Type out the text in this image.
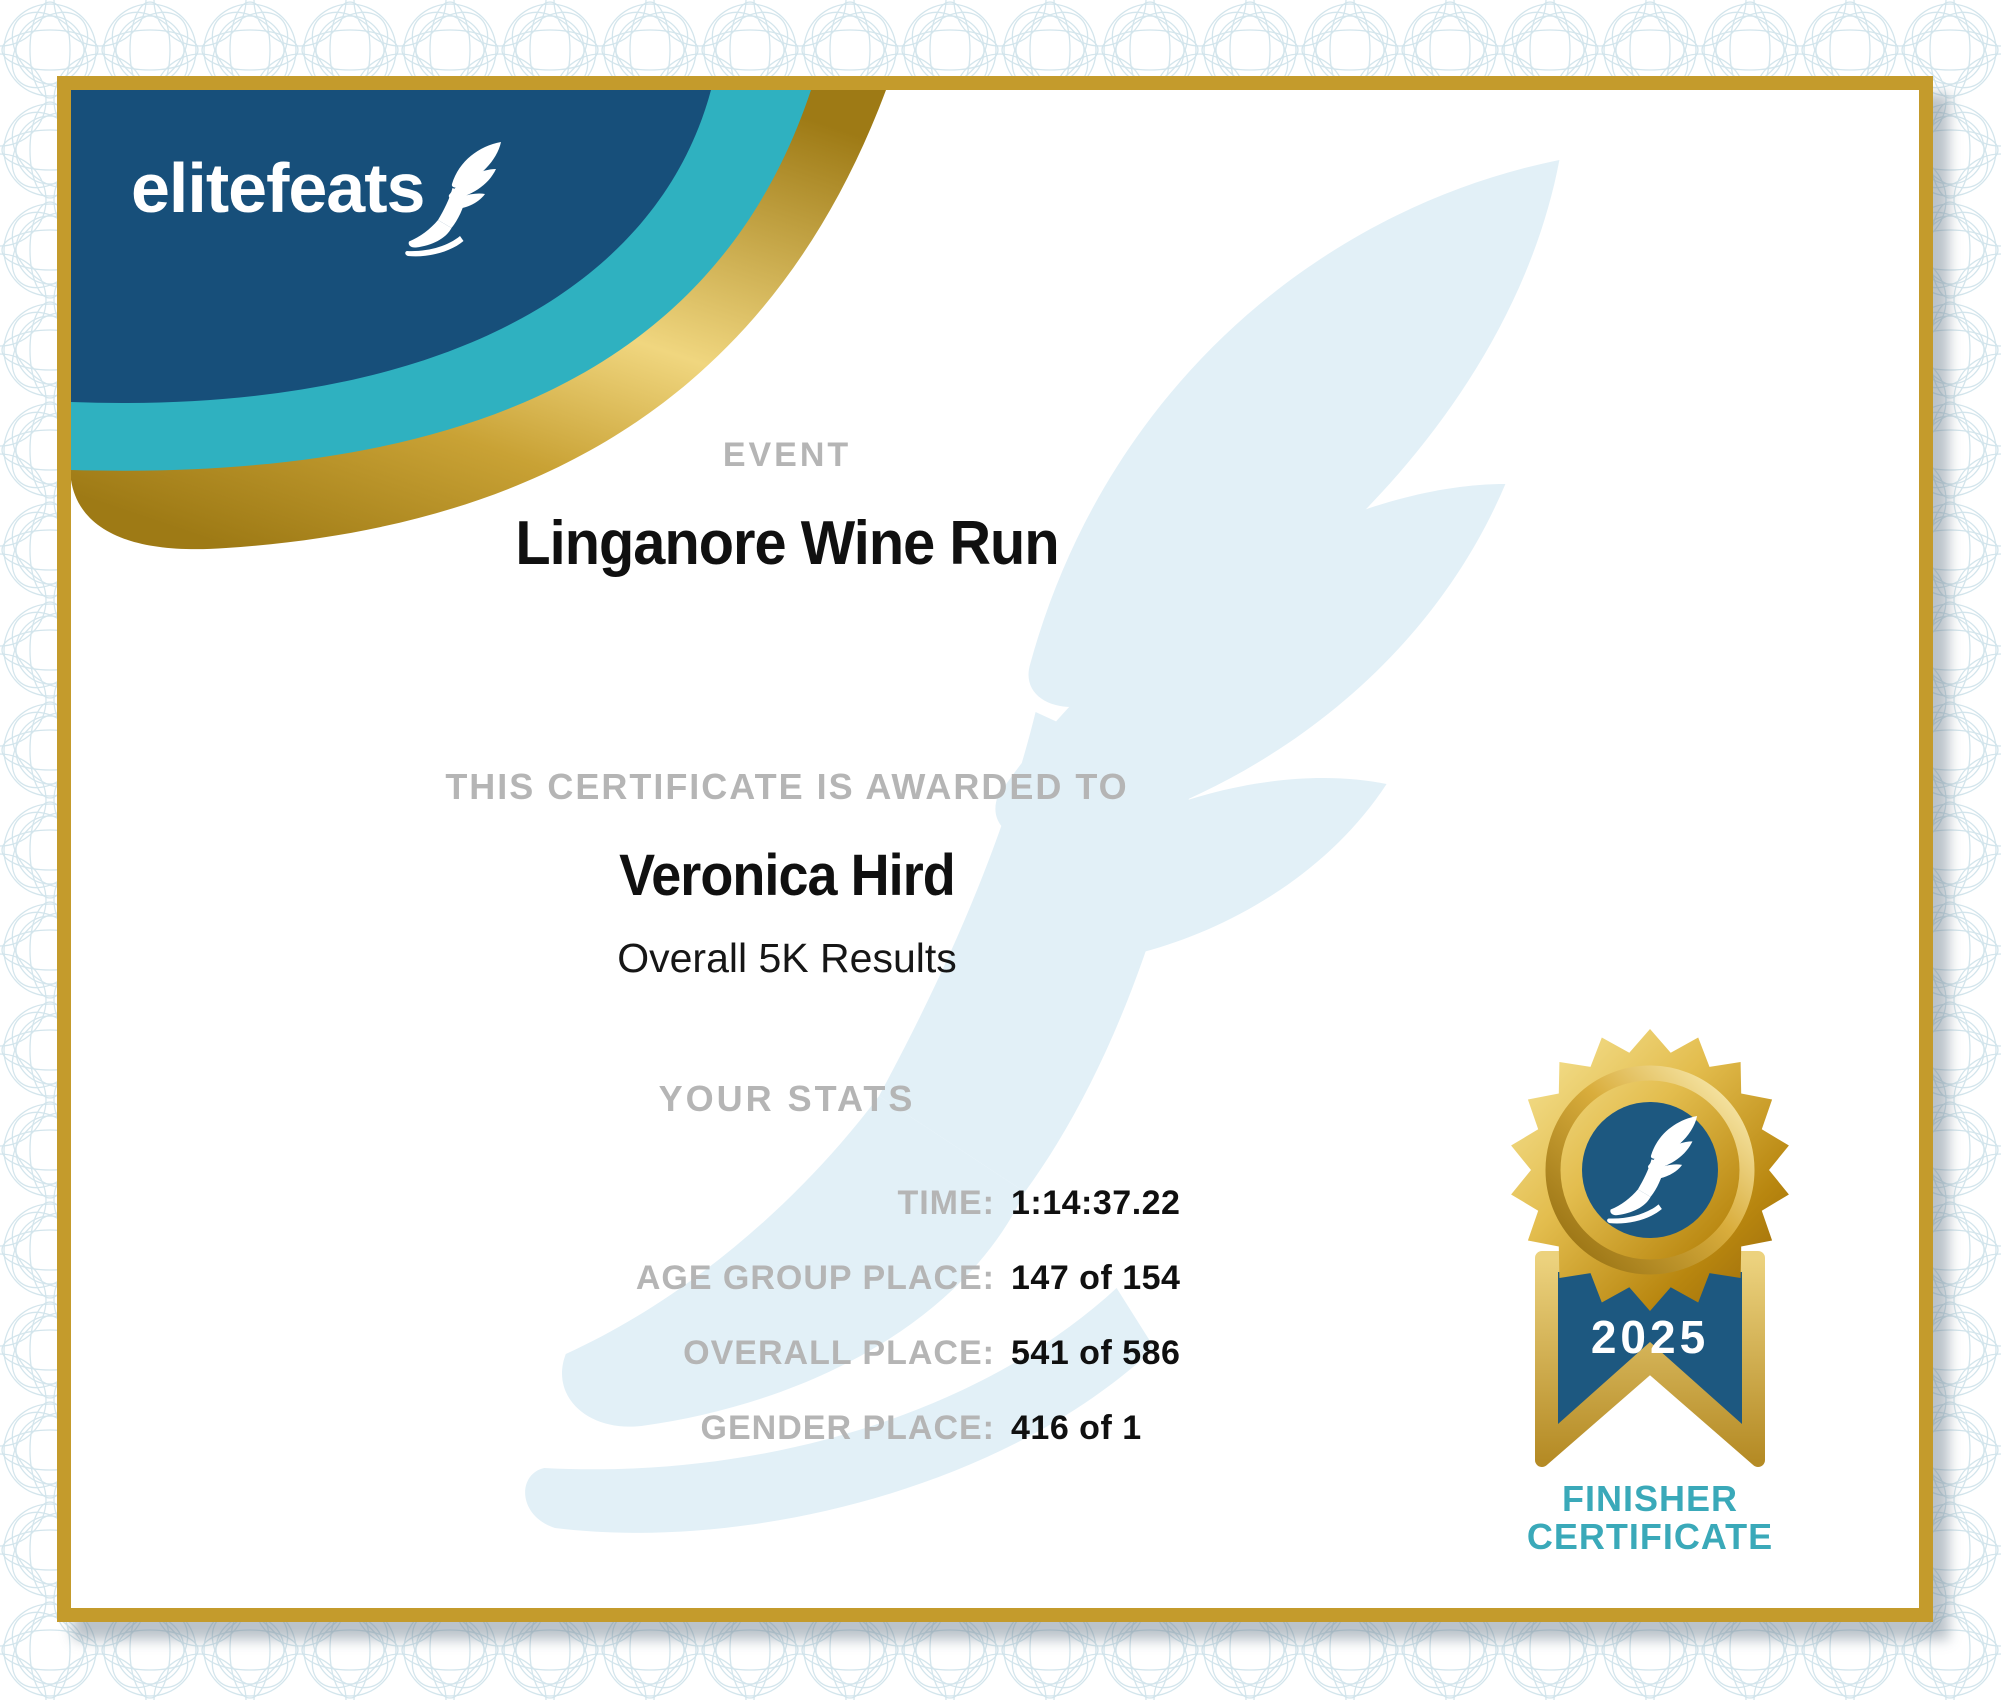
elitefeats
EVENT
Linganore Wine Run
THIS CERTIFICATE IS AWARDED TO
Veronica Hird
Overall 5K Results
YOUR STATS
TIME: 1:14:37.22
AGE GROUP PLACE: 147 of 154
OVERALL PLACE: 541 of 586
GENDER PLACE: 416 of 1
2025
FINISHER
CERTIFICATE
